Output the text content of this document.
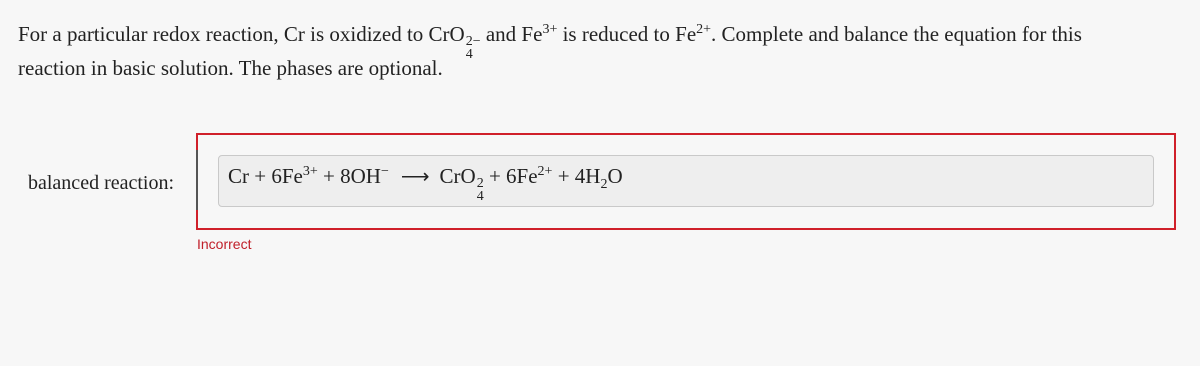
For a particular redox reaction, Cr is oxidized to CrO 2−
4
and $Fe^{3+}$ is reduced to $Fe^{2+}$. Complete and balance the equation for this
reaction in basic solution. The phases are optional.
balanced reaction:	$Cr + 6Fe^{3+} + 8OH^-$ ⟶ CrO 2
4
+ $6Fe^{2+} + 4H_2O$
Incorrect
